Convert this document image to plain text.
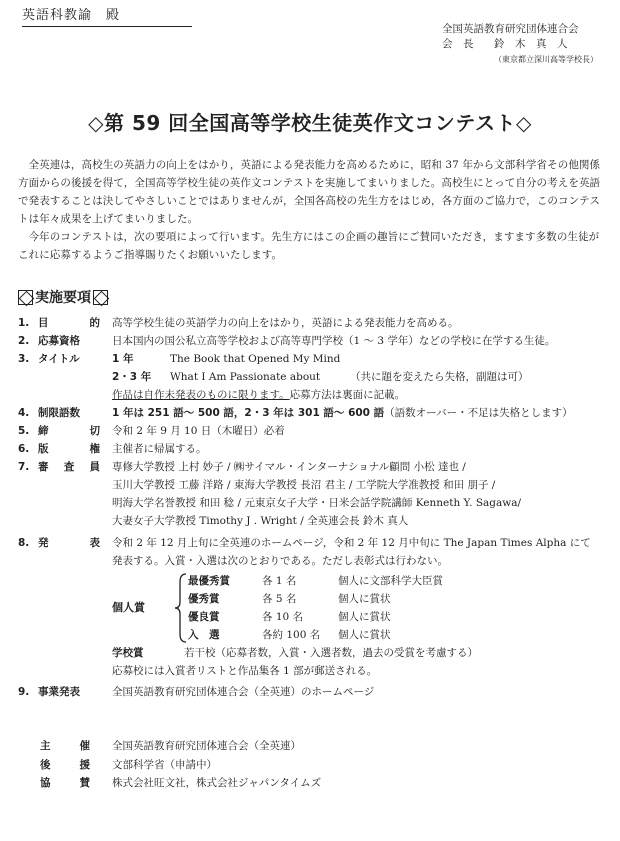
英語科教諭　殿
全国英語教育研究団体連合会
会　長	鈴　木　真　人
（東京都立深川高等学校長）
◇第 59 回全国高等学校生徒英作文コンテスト◇

全英連は，高校生の英語力の向上をはかり，英語による発表能力を高めるために，昭和 37 年から文部科学省その他関係方面からの後援を得て，全国高等学校生徒の英作文コンテストを実施してまいりました。高校生にとって自分の考えを英語で発表することは決してやさしいことではありませんが，全国各高校の先生方をはじめ，各方面のご協力で，このコンテストは年々成果を上げてまいりました。

今年のコンテストは，次の要項によって行います。先生方にはこの企画の趣旨にご賛同いただき，ますます多数の生徒がこれに応募するようご指導賜りたくお願いいたします。

実施要項
1. 目	的 高等学校生徒の英語学力の向上をはかり，英語による発表能力を高める。
2. 応募資格	日本国内の国公私立高等学校および高等専門学校（1 ～ 3 学年）などの学校に在学する生徒。
3. タイトル	1 年	The Book that Opened My Mind
2・3 年	What I Am Passionate about	（共に題を変えたら失格，副題は可）
作品は自作未発表のものに限ります。応募方法は裏面に記載。
4. 制限語数	1 年は 251 語～ 500 語，2・3 年は 301 語～ 600 語（語数オーバー・不足は失格とします）
5. 締	切 令和 2 年 9 月 10 日（木曜日）必着
6. 版	権 主催者に帰属する。
7. 審 査 員 専修大学教授 上村 妙子 / ㈱サイマル・インターナショナル顧問 小松 達也 /
玉川大学教授 工藤 洋路 / 東海大学教授 長沼 君主 / 工学院大学准教授 和田 朋子 /
明海大学名誉教授 和田 稔 / 元東京女子大学・日米会話学院講師 Kenneth Y. Sagawa/
大妻女子大学教授 Timothy J . Wright / 全英連会長 鈴木 真人
8. 発	表 令和 2 年 12 月上旬に全英連のホームページ，令和 2 年 12 月中旬に The Japan Times Alpha にて
発表する。入賞・入選は次のとおりである。ただし表彰式は行わない。
個人賞
最優秀賞	各 1 名	個人に文部科学大臣賞
優秀賞	各 5 名	個人に賞状
優良賞	各 10 名	個人に賞状
入　選	各約 100 名	個人に賞状
学校賞	若干校（応募者数，入賞・入選者数，過去の受賞を考慮する）
応募校には入賞者リストと作品集各 1 部が郵送される。
9. 事業発表	全国英語教育研究団体連合会（全英連）のホームページ
主	催 全国英語教育研究団体連合会（全英連）
後	援 文部科学省（申請中）
協	賛 株式会社旺文社，株式会社ジャパンタイムズ
